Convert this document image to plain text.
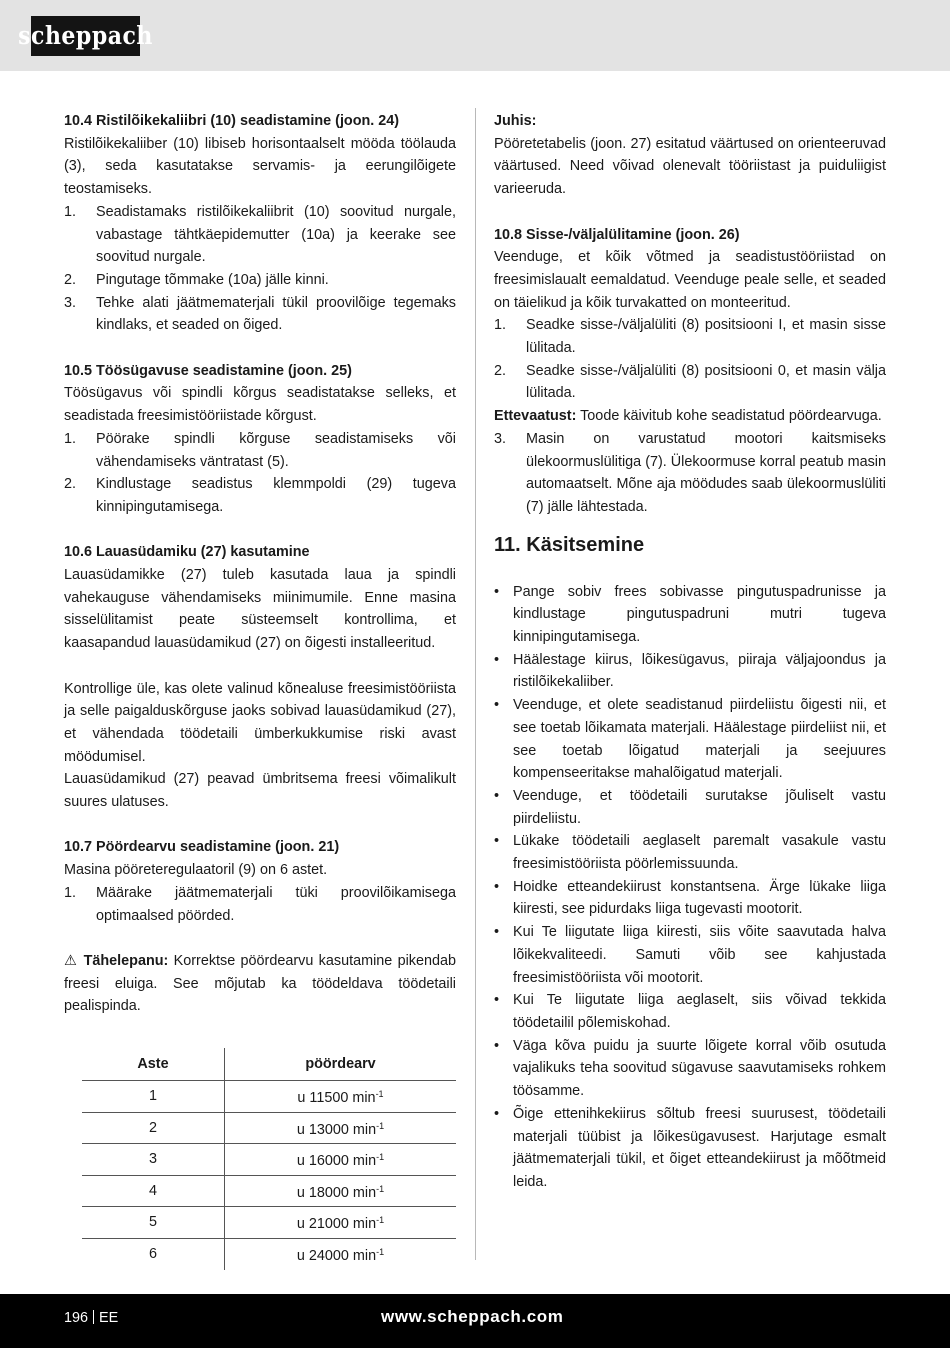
scheppach

10.4 Ristilõikekaliibri (10) seadistamine (joon. 24)

Ristilõikekaliiber (10) libiseb horisontaalselt mööda töölauda (3), seda kasutatakse servamis- ja eerungilõigete teostamiseks.

1. Seadistamaks ristilõikekaliibrit (10) soovitud nurgale, vabastage tähtkäepidemutter (10a) ja keerake see soovitud nurgale.
2. Pingutage tõmmake (10a) jälle kinni.
3. Tehke alati jäätmematerjali tükil proovilõige tegemaks kindlaks, et seaded on õiged.

10.5 Töösügavuse seadistamine (joon. 25)

Töösügavus või spindli kõrgus seadistatakse selleks, et seadistada freesimistööriistade kõrgust.

1. Pöörake spindli kõrguse seadistamiseks või vähendamiseks väntratast (5).
2. Kindlustage seadistus klemmpoldi (29) tugeva kinnipingutamisega.

10.6 Lauasüdamiku (27) kasutamine

Lauasüdamikke (27) tuleb kasutada laua ja spindli vahekauguse vähendamiseks miinimumile. Enne masina sisselülitamist peate süsteemselt kontrollima, et kaasapandud lauasüdamikud (27) on õigesti installeeritud.

Kontrollige üle, kas olete valinud kõnealuse freesimistööriista ja selle paigalduskõrguse jaoks sobivad lauasüdamikud (27), et vähendada töödetaili ümberkukkumise riski avast möödumisel.

Lauasüdamikud (27) peavad ümbritsema freesi võimalikult suures ulatuses.

10.7 Pöördearvu seadistamine (joon. 21)

Masina pööreteregulaatoril (9) on 6 astet.

1. Määrake jäätmematerjali tüki proovilõikamisega optimaalsed pöörded.

⚠ Tähelepanu: Korrektse pöördearvu kasutamine pikendab freesi eluiga. See mõjutab ka töödeldava töödetaili pealispinda.

Aste	pöördearv
1	u 11500 $\min^{-1}$
2	u 13000 $\min^{-1}$
3	u 16000 $\min^{-1}$
4	u 18000 $\min^{-1}$
5	u 21000 $\min^{-1}$
6	u 24000 $\min^{-1}$

Juhis:

Pööretetabelis (joon. 27) esitatud väärtused on orienteeruvad väärtused. Need võivad olenevalt tööriistast ja puiduliigist varieeruda.

10.8 Sisse-/väljalülitamine (joon. 26)

Veenduge, et kõik võtmed ja seadistustööriistad on freesimislaualt eemaldatud. Veenduge peale selle, et seaded on täielikud ja kõik turvakatted on monteeritud.

1. Seadke sisse-/väljalüliti (8) positsiooni I, et masin sisse lülitada.
2. Seadke sisse-/väljalüliti (8) positsiooni 0, et masin välja lülitada.

Ettevaatust: Toode käivitub kohe seadistatud pöördearvuga.

3. Masin on varustatud mootori kaitsmiseks ülekoormuslülitiga (7). Ülekoormuse korral peatub masin automaatselt. Mõne aja möödudes saab ülekoormuslüliti (7) jälle lähtestada.
11. Käsitsemine
• Pange sobiv frees sobivasse pingutuspadrunisse ja kindlustage pingutuspadruni mutri tugeva kinnipingutamisega.
• Häälestage kiirus, lõikesügavus, piiraja väljajoondus ja ristilõikekaliiber.
• Veenduge, et olete seadistanud piirdeliistu õigesti nii, et see toetab lõikamata materjali. Häälestage piirdeliist nii, et see toetab lõigatud materjali ja seejuures kompenseeritakse mahalõigatud materjali.
• Veenduge, et töödetaili surutakse jõuliselt vastu piirdeliistu.
• Lükake töödetaili aeglaselt paremalt vasakule vastu freesimistööriista pöörlemissuunda.
• Hoidke etteandekiirust konstantsena. Ärge lükake liiga kiiresti, see pidurdaks liiga tugevasti mootorit.
• Kui Te liigutate liiga kiiresti, siis võite saavutada halva lõikekvaliteedi. Samuti võib see kahjustada freesimistööriista või mootorit.
• Kui Te liigutate liiga aeglaselt, siis võivad tekkida töödetailil põlemiskohad.
• Väga kõva puidu ja suurte lõigete korral võib osutuda vajalikuks teha soovitud sügavuse saavutamiseks rohkem töösamme.
• Õige ettenihkekiirus sõltub freesi suurusest, töödetaili materjali tüübist ja lõikesügavusest. Harjutage esmalt jäätmematerjali tükil, et õiget etteandekiirust ja mõõtmeid leida.
196 EE	www.scheppach.com
